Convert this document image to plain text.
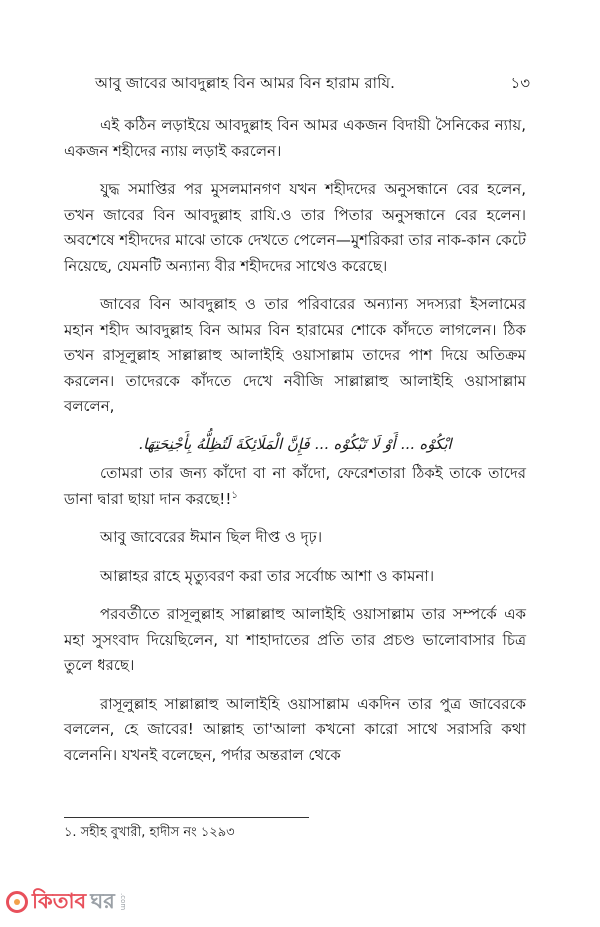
আবু জাবের আবদুল্লাহ বিন আমর বিন হারাম রাযি.	১৩

এই কঠিন লড়াইয়ে আবদুল্লাহ বিন আমর একজন বিদায়ী সৈনিকের ন্যায়, একজন শহীদের ন্যায় লড়াই করলেন।

যুদ্ধ সমাপ্তির পর মুসলমানগণ যখন শহীদদের অনুসন্ধানে বের হলেন, তখন জাবের বিন আবদুল্লাহ রাযি.ও তার পিতার অনুসন্ধানে বের হলেন। অবশেষে শহীদদের মাঝে তাকে দেখতে পেলেন—মুশরিকরা তার নাক-কান কেটে নিয়েছে, যেমনটি অন্যান্য বীর শহীদদের সাথেও করেছে।

জাবের বিন আবদুল্লাহ ও তার পরিবারের অন্যান্য সদস্যরা ইসলামের মহান শহীদ আবদুল্লাহ বিন আমর বিন হারামের শোকে কাঁদতে লাগলেন। ঠিক তখন রাসূলুল্লাহ সাল্লাল্লাহু আলাইহি ওয়াসাল্লাম তাদের পাশ দিয়ে অতিক্রম করলেন। তাদেরকে কাঁদতে দেখে নবীজি সাল্লাল্লাহু আলাইহি ওয়াসাল্লাম বললেন,

ابْكُوْه ... أَوْ لَا تَبْكُوْه ... فَإِنَّ الْمَلَائِكَةَ لَتُظِلُّهُ بِأَجْنِحَتِهَا.

তোমরা তার জন্য কাঁদো বা না কাঁদো, ফেরেশতারা ঠিকই তাকে তাদের ডানা দ্বারা ছায়া দান করছে!!$^১$

আবু জাবেরের ঈমান ছিল দীপ্ত ও দৃঢ়।

আল্লাহর রাহে মৃত্যুবরণ করা তার সর্বোচ্চ আশা ও কামনা।

পরবর্তীতে রাসূলুল্লাহ সাল্লাল্লাহু আলাইহি ওয়াসাল্লাম তার সম্পর্কে এক মহা সুসংবাদ দিয়েছিলেন, যা শাহাদাতের প্রতি তার প্রচণ্ড ভালোবাসার চিত্র তুলে ধরছে।

রাসূলুল্লাহ সাল্লাল্লাহু আলাইহি ওয়াসাল্লাম একদিন তার পুত্র জাবেরকে বললেন, হে জাবের! আল্লাহ তা'আলা কখনো কারো সাথে সরাসরি কথা বলেননি। যখনই বলেছেন, পর্দার অন্তরাল থেকে

১. সহীহ বুখারী, হাদীস নং ১২৯৩
কিতাব ঘর .com
